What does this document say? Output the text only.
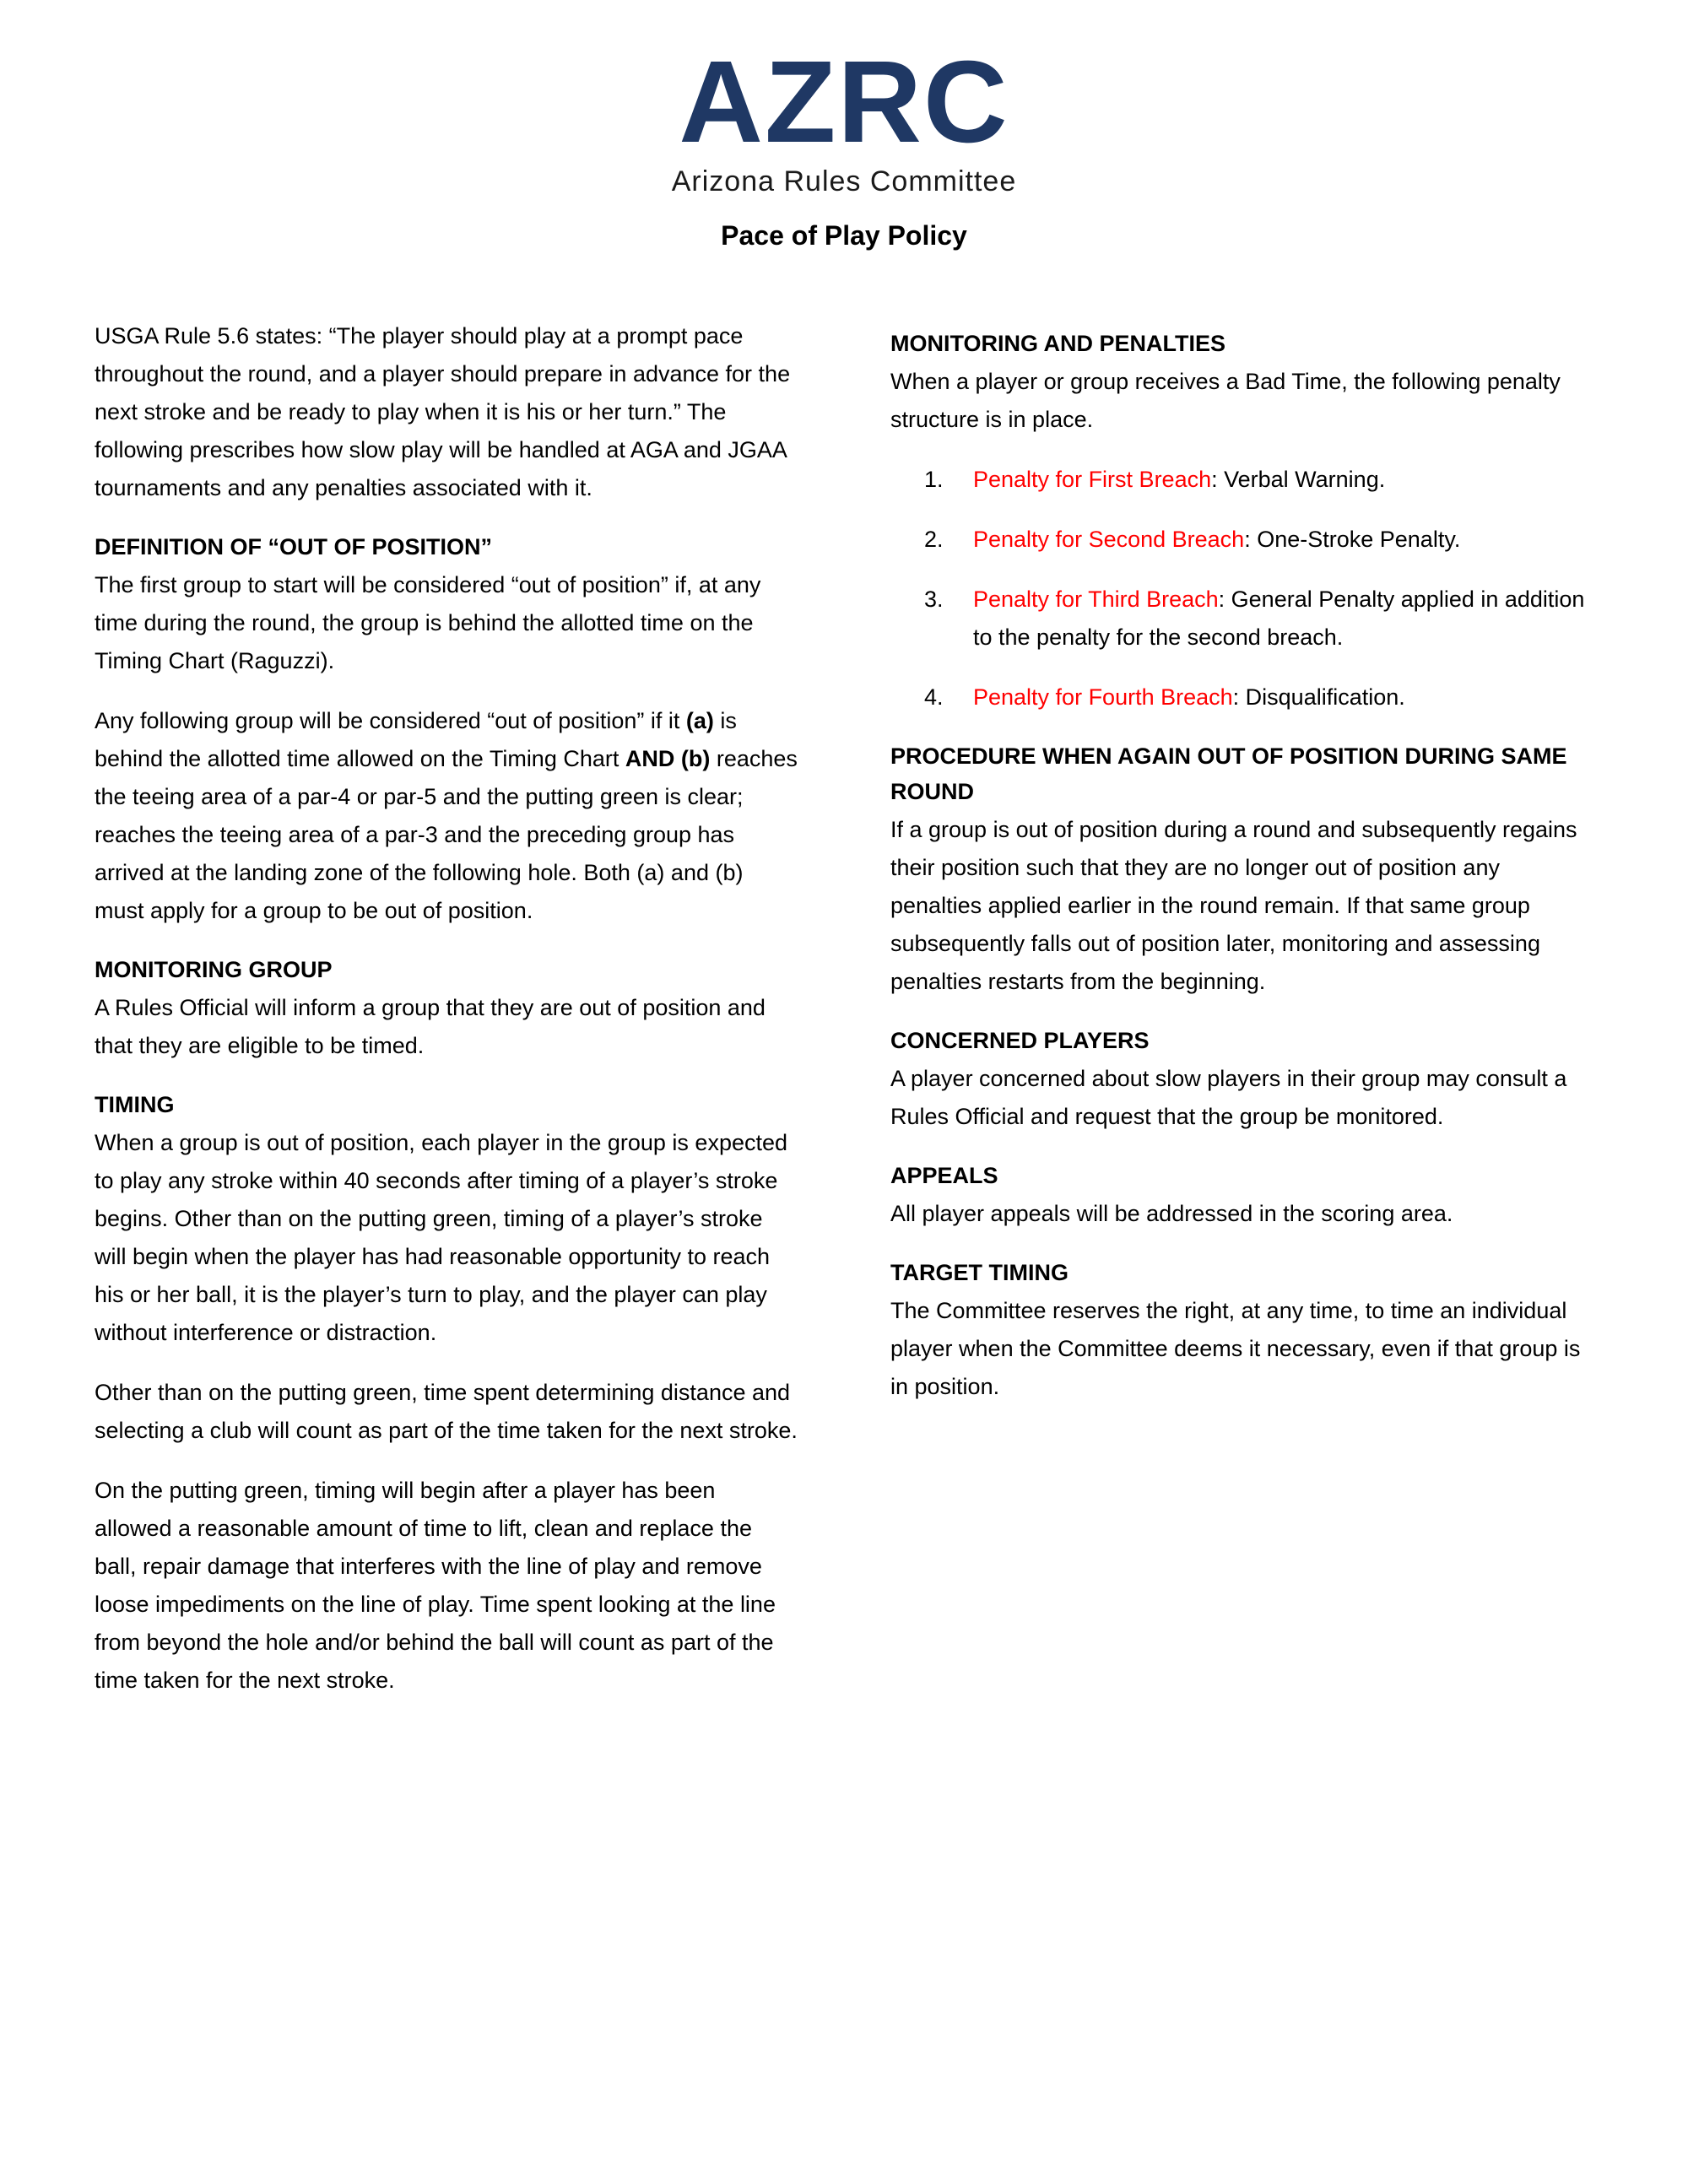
AZRC
Arizona Rules Committee
Pace of Play Policy

USGA Rule 5.6 states: “The player should play at a prompt pace throughout the round, and a player should prepare in advance for the next stroke and be ready to play when it is his or her turn.” The following prescribes how slow play will be handled at AGA and JGAA tournaments and any penalties associated with it.

DEFINITION OF “OUT OF POSITION”

The first group to start will be considered “out of position” if, at any time during the round, the group is behind the allotted time on the Timing Chart (Raguzzi).

Any following group will be considered “out of position” if it (a) is behind the allotted time allowed on the Timing Chart AND (b) reaches the teeing area of a par-4 or par-5 and the putting green is clear; reaches the teeing area of a par-3 and the preceding group has arrived at the landing zone of the following hole. Both (a) and (b) must apply for a group to be out of position.

MONITORING GROUP

A Rules Official will inform a group that they are out of position and that they are eligible to be timed.

TIMING

When a group is out of position, each player in the group is expected to play any stroke within 40 seconds after timing of a player’s stroke begins. Other than on the putting green, timing of a player’s stroke will begin when the player has had reasonable opportunity to reach his or her ball, it is the player’s turn to play, and the player can play without interference or distraction.

Other than on the putting green, time spent determining distance and selecting a club will count as part of the time taken for the next stroke.

On the putting green, timing will begin after a player has been allowed a reasonable amount of time to lift, clean and replace the ball, repair damage that interferes with the line of play and remove loose impediments on the line of play. Time spent looking at the line from beyond the hole and/or behind the ball will count as part of the time taken for the next stroke.

MONITORING AND PENALTIES

When a player or group receives a Bad Time, the following penalty structure is in place.

1.	Penalty for First Breach: Verbal Warning.
2.	Penalty for Second Breach: One-Stroke Penalty.
3.	Penalty for Third Breach: General Penalty applied in addition to the penalty for the second breach.
4.	Penalty for Fourth Breach: Disqualification.
PROCEDURE WHEN AGAIN OUT OF POSITION DURING SAME ROUND

If a group is out of position during a round and subsequently regains their position such that they are no longer out of position any penalties applied earlier in the round remain. If that same group subsequently falls out of position later, monitoring and assessing penalties restarts from the beginning.

CONCERNED PLAYERS

A player concerned about slow players in their group may consult a Rules Official and request that the group be monitored.

APPEALS

All player appeals will be addressed in the scoring area.

TARGET TIMING

The Committee reserves the right, at any time, to time an individual player when the Committee deems it necessary, even if that group is in position.
